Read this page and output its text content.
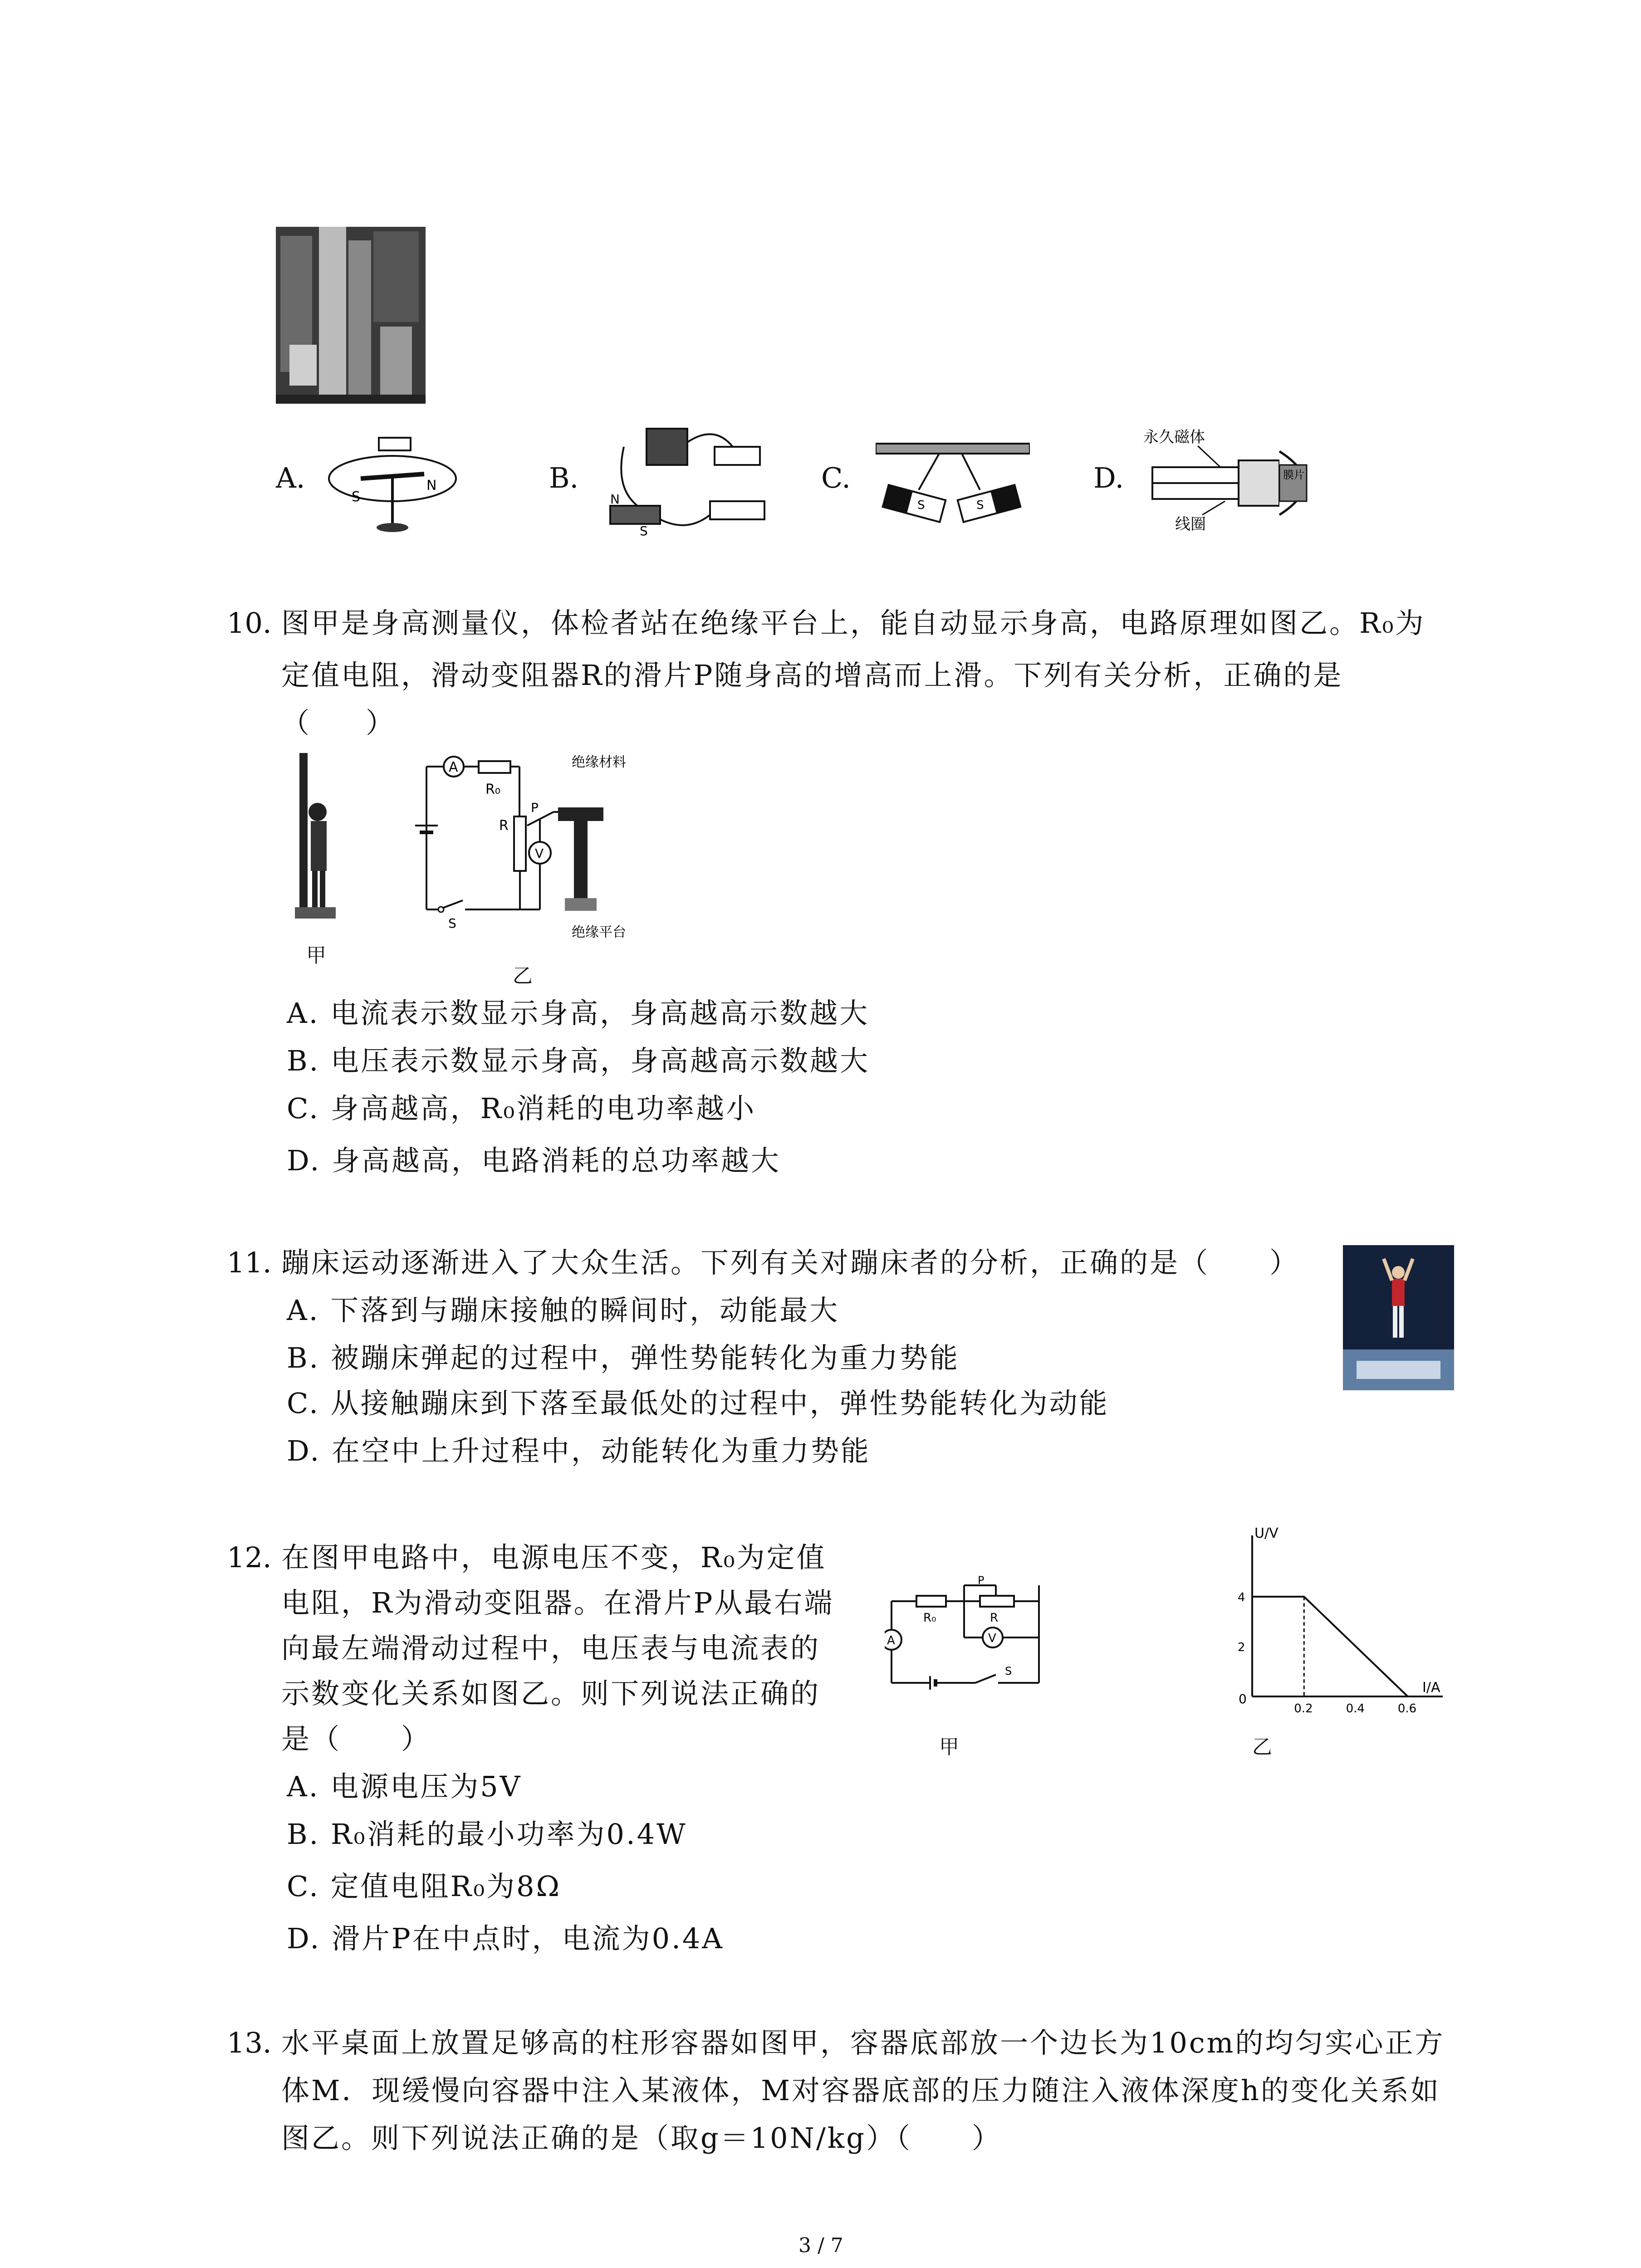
A.
S
N	B.
N
S
C.
S	S
D.
永久磁体
膜片
线圈
10. 图甲是身高测量仪，体检者站在绝缘平台上，能自动显示身高，电路原理如图乙。R₀为
定值电阻，滑动变阻器R的滑片P随身高的增高而上滑。下列有关分析，正确的是
（　　）
甲
A
R₀
R
P
V
S
绝缘材料
绝缘平台
乙
A. 电流表示数显示身高，身高越高示数越大
B. 电压表示数显示身高，身高越高示数越大
C. 身高越高，R₀消耗的电功率越小
D. 身高越高，电路消耗的总功率越大
11. 蹦床运动逐渐进入了大众生活。下列有关对蹦床者的分析，正确的是（　　）
A. 下落到与蹦床接触的瞬间时，动能最大
B. 被蹦床弹起的过程中，弹性势能转化为重力势能
C. 从接触蹦床到下落至最低处的过程中，弹性势能转化为动能
D. 在空中上升过程中，动能转化为重力势能
12. 在图甲电路中，电源电压不变，R₀为定值
电阻，R为滑动变阻器。在滑片P从最右端
向最左端滑动过程中，电压表与电流表的
示数变化关系如图乙。则下列说法正确的
是（　　）
R₀	R
P
A	V
S
甲
U/V
I/A
0
0.2	0.4	0.6
2
4
乙
A. 电源电压为5V
B. R₀消耗的最小功率为0.4W
C. 定值电阻R₀为8Ω
D. 滑片P在中点时，电流为0.4A
13. 水平桌面上放置足够高的柱形容器如图甲，容器底部放一个边长为10cm的均匀实心正方
体M．现缓慢向容器中注入某液体，M对容器底部的压力随注入液体深度h的变化关系如
图乙。则下列说法正确的是（取g＝10N/kg）（　　）
3 / 7
